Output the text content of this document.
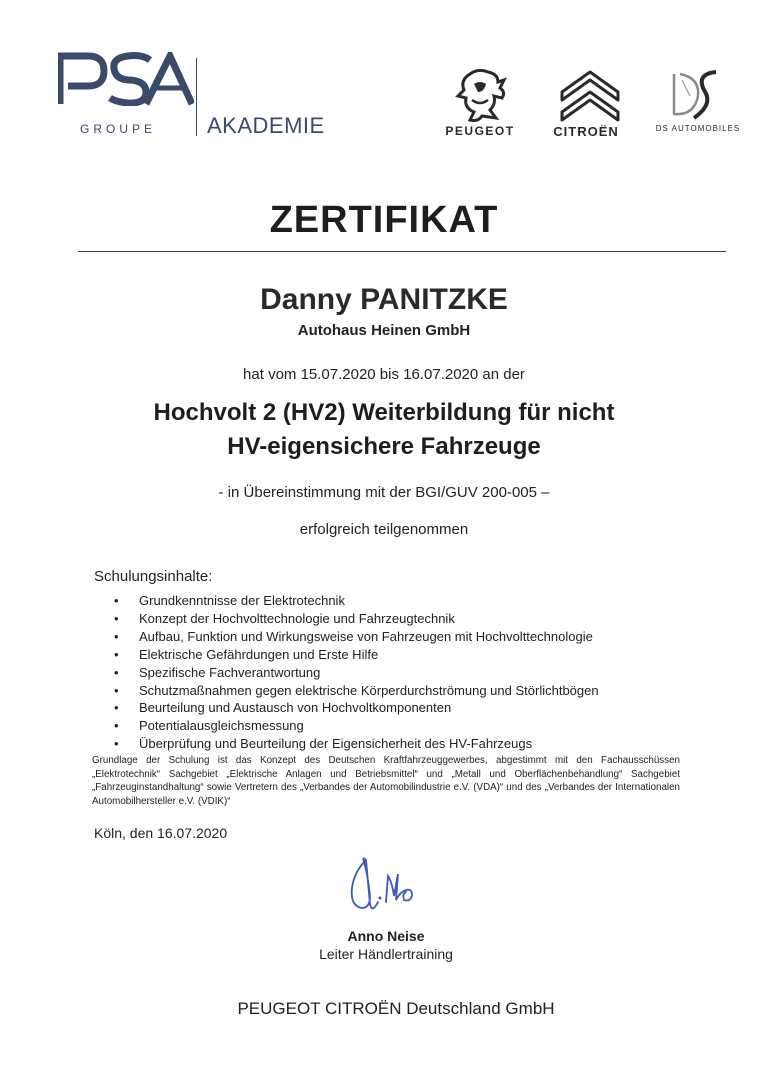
GROUPE AKADEMIE	PEUGEOT	CITROËN	DS AUTOMOBILES
ZERTIFIKAT
Danny PANITZKE
Autohaus Heinen GmbH
hat vom 15.07.2020 bis 16.07.2020 an der
Hochvolt 2 (HV2) Weiterbildung für nicht
HV-eigensichere Fahrzeuge
- in Übereinstimmung mit der BGI/GUV 200-005 –
erfolgreich teilgenommen
Schulungsinhalte:
• Grundkenntnisse der Elektrotechnik
• Konzept der Hochvolttechnologie und Fahrzeugtechnik
• Aufbau, Funktion und Wirkungsweise von Fahrzeugen mit Hochvolttechnologie
• Elektrische Gefährdungen und Erste Hilfe
• Spezifische Fachverantwortung
• Schutzmaßnahmen gegen elektrische Körperdurchströmung und Störlichtbögen
• Beurteilung und Austausch von Hochvoltkomponenten
• Potentialausgleichsmessung
• Überprüfung und Beurteilung der Eigensicherheit des HV-Fahrzeugs
Grundlage der Schulung ist das Konzept des Deutschen Kraftfahrzeuggewerbes, abgestimmt mit den Fachausschüssen „Elektrotechnik“ Sachgebiet „Elektrische Anlagen und Betriebsmittel“ und „Metall und Oberflächenbehandlung“ Sachgebiet „Fahrzeuginstandhaltung“ sowie Vertretern des „Verbandes der Automobilindustrie e.V. (VDA)“ und des „Verbandes der Internationalen Automobilhersteller e.V. (VDIK)“
Köln, den 16.07.2020
Anno Neise
Leiter Händlertraining
PEUGEOT CITROËN Deutschland GmbH
